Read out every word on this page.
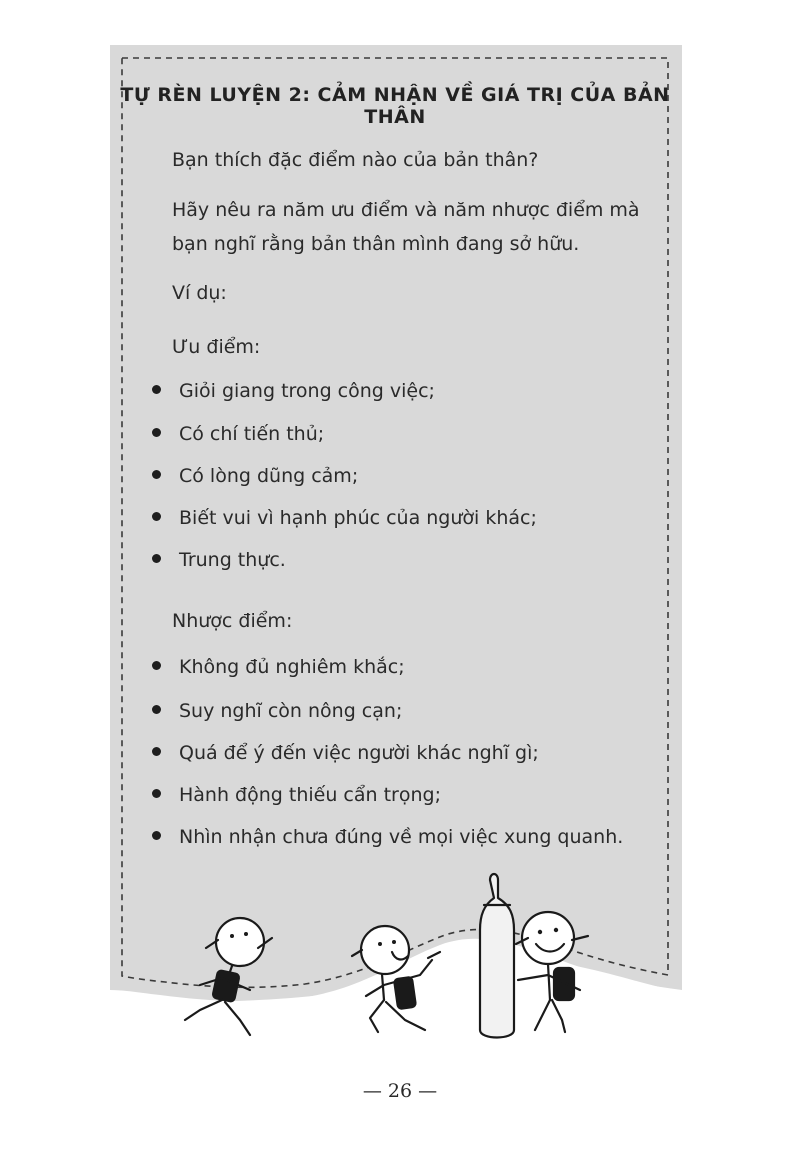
TỰ RÈN LUYỆN 2: CẢM NHẬN VỀ GIÁ TRỊ CỦA BẢN THÂN
Bạn thích đặc điểm nào của bản thân?
Hãy nêu ra năm ưu điểm và năm nhược điểm mà bạn nghĩ rằng bản thân mình đang sở hữu.
Ví dụ:
Ưu điểm:
Giỏi giang trong công việc;
Có chí tiến thủ;
Có lòng dũng cảm;
Biết vui vì hạnh phúc của người khác;
Trung thực.
Nhược điểm:
Không đủ nghiêm khắc;
Suy nghĩ còn nông cạn;
Quá để ý đến việc người khác nghĩ gì;
Hành động thiếu cẩn trọng;
Nhìn nhận chưa đúng về mọi việc xung quanh.
— 26 —
